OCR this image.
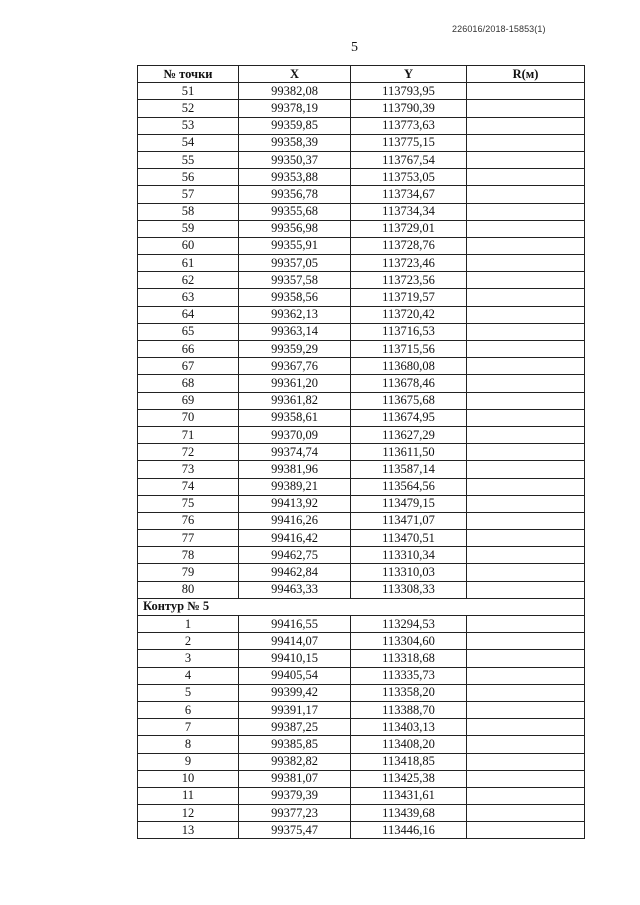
226016/2018-15853(1)
5
№ точки	X	Y	R(м)
51	99382,08	113793,95	
52	99378,19	113790,39	
53	99359,85	113773,63	
54	99358,39	113775,15	
55	99350,37	113767,54	
56	99353,88	113753,05	
57	99356,78	113734,67	
58	99355,68	113734,34	
59	99356,98	113729,01	
60	99355,91	113728,76	
61	99357,05	113723,46	
62	99357,58	113723,56	
63	99358,56	113719,57	
64	99362,13	113720,42	
65	99363,14	113716,53	
66	99359,29	113715,56	
67	99367,76	113680,08	
68	99361,20	113678,46	
69	99361,82	113675,68	
70	99358,61	113674,95	
71	99370,09	113627,29	
72	99374,74	113611,50	
73	99381,96	113587,14	
74	99389,21	113564,56	
75	99413,92	113479,15	
76	99416,26	113471,07	
77	99416,42	113470,51	
78	99462,75	113310,34	
79	99462,84	113310,03	
80	99463,33	113308,33	
Контур № 5			
1	99416,55	113294,53	
2	99414,07	113304,60	
3	99410,15	113318,68	
4	99405,54	113335,73	
5	99399,42	113358,20	
6	99391,17	113388,70	
7	99387,25	113403,13	
8	99385,85	113408,20	
9	99382,82	113418,85	
10	99381,07	113425,38	
11	99379,39	113431,61	
12	99377,23	113439,68	
13	99375,47	113446,16	
